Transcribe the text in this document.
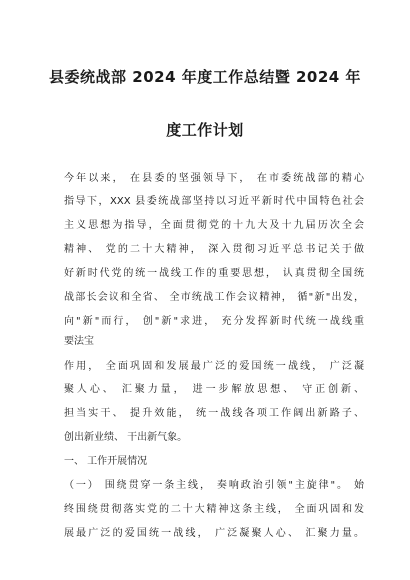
县委统战部 2024 年度工作总结暨 2024 年
度工作计划
今年以来， 在县委的坚强领导下， 在市委统战部的精心
指导下，XXX 县委统战部坚持以习近平新时代中国特色社会
主义思想为指导，全面贯彻党的十九大及十九届历次全会
精神、 党的二十大精神， 深入贯彻习近平总书记关于做
好新时代党的统一战线工作的重要思想， 认真贯彻全国统
战部长会议和全省、 全市统战工作会议精神， 循"新"出发，
向"新"而行， 创"新"求进， 充分发挥新时代统一战线重
要法宝
作用， 全面巩固和发展最广泛的爱国统一战线， 广泛凝
聚人心、 汇聚力量， 进一步解放思想、 守正创新、
担当实干、 提升效能， 统一战线各项工作阔出新路子、
创出新业绩、 干出新气象。
一、 工作开展情况
（一） 围绕贯穿一条主线， 奏响政治引领"主旋律"。 始
终围绕贯彻落实党的二十大精神这条主线， 全面巩固和发
展最广泛的爱国统一战线， 广泛凝聚人心、 汇聚力量。
